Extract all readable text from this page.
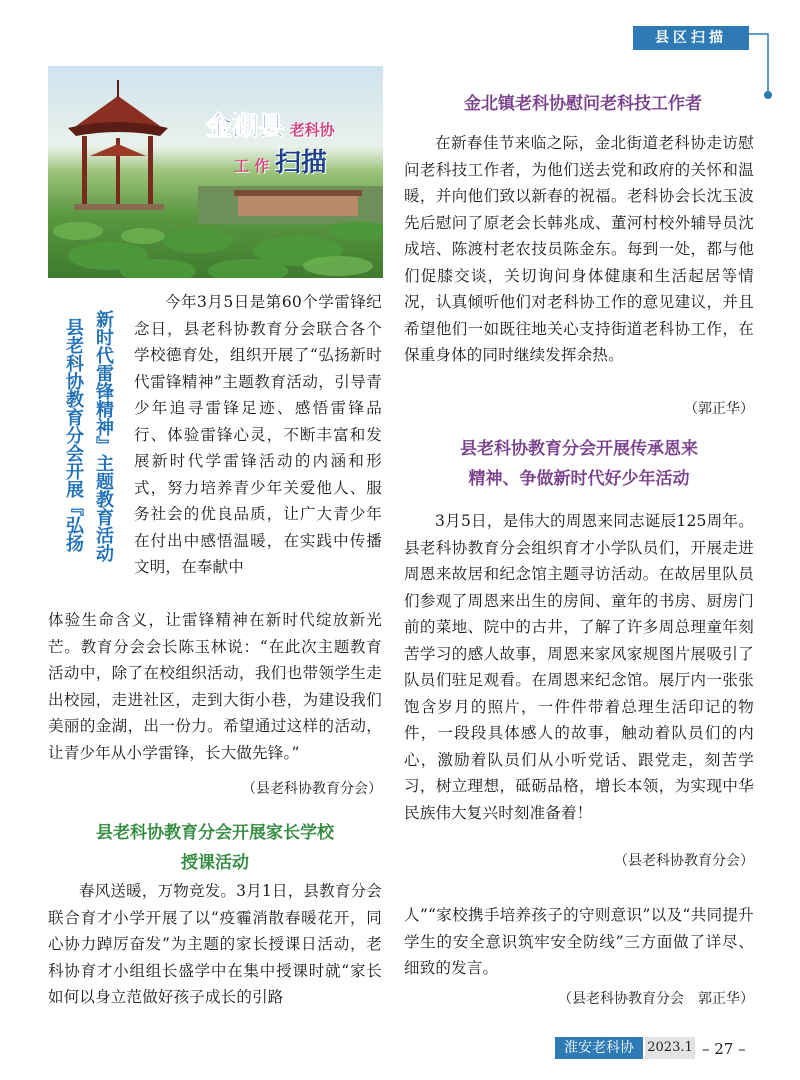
县区扫描
金湖县 老科协
工 作 扫描
县老科协教育分会开展『弘扬 新时代雷锋精神』主题教育活动

今年3月5日是第60个学雷锋纪念日，县老科协教育分会联合各个学校德育处，组织开展了“弘扬新时代雷锋精神”主题教育活动，引导青少年追寻雷锋足迹、感悟雷锋品行、体验雷锋心灵，不断丰富和发展新时代学雷锋活动的内涵和形式，努力培养青少年关爱他人、服务社会的优良品质，让广大青少年在付出中感悟温暖，在实践中传播文明，在奉献中

体验生命含义，让雷锋精神在新时代绽放新光芒。教育分会会长陈玉林说：“在此次主题教育活动中，除了在校组织活动，我们也带领学生走出校园，走进社区，走到大街小巷，为建设我们美丽的金湖，出一份力。希望通过这样的活动，让青少年从小学雷锋，长大做先锋。”

（县老科协教育分会）
县老科协教育分会开展家长学校
授课活动

春风送暖，万物竞发。3月1日，县教育分会联合育才小学开展了以“疫霾消散春暖花开，同心协力踔厉奋发”为主题的家长授课日活动，老科协育才小组组长盛学中在集中授课时就“家长如何以身立范做好孩子成长的引路

金北镇老科协慰问老科技工作者

在新春佳节来临之际，金北街道老科协走访慰问老科技工作者，为他们送去党和政府的关怀和温暖，并向他们致以新春的祝福。老科协会长沈玉波先后慰问了原老会长韩兆成、董河村校外辅导员沈成培、陈渡村老农技员陈金东。每到一处，都与他们促膝交谈，关切询问身体健康和生活起居等情况，认真倾听他们对老科协工作的意见建议，并且希望他们一如既往地关心支持街道老科协工作，在保重身体的同时继续发挥余热。

（郭正华）
县老科协教育分会开展传承恩来
精神、争做新时代好少年活动

3月5日，是伟大的周恩来同志诞辰125周年。县老科协教育分会组织育才小学队员们，开展走进周恩来故居和纪念馆主题寻访活动。在故居里队员们参观了周恩来出生的房间、童年的书房、厨房门前的菜地、院中的古井，了解了许多周总理童年刻苦学习的感人故事，周恩来家风家规图片展吸引了队员们驻足观看。在周恩来纪念馆。展厅内一张张饱含岁月的照片，一件件带着总理生活印记的物件，一段段具体感人的故事，触动着队员们的内心，激励着队员们从小听党话、跟党走，刻苦学习，树立理想，砥砺品格，增长本领，为实现中华民族伟大复兴时刻准备着！

（县老科协教育分会）

人”“家校携手培养孩子的守则意识”以及“共同提升学生的安全意识筑牢安全防线”三方面做了详尽、细致的发言。

（县老科协教育分会　郭正华）
淮安老科协	2023.1 – 27 –
